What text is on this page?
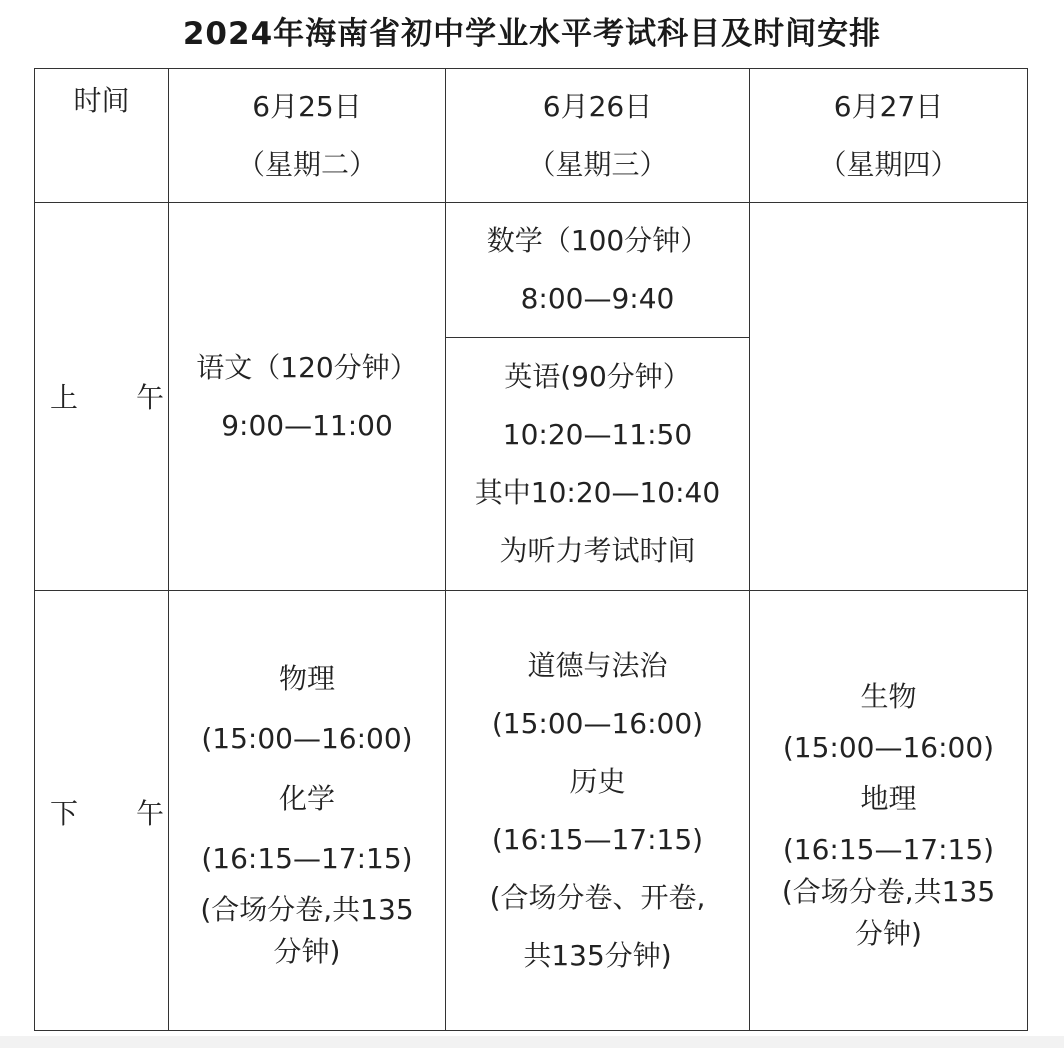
2024年海南省初中学业水平考试科目及时间安排
时间	6月25日
（星期二）
6月26日
（星期三）
6月27日
（星期四）
上 午
语文（120分钟）
9:00—11:00
数学（100分钟）
8:00—9:40
英语(90分钟）
10:20—11:50
其中10:20—10:40
为听力考试时间
下 午
物理
(15:00—16:00)
化学
(16:15—17:15)
(合场分卷,共135
分钟)
道德与法治
(15:00—16:00)
历史
(16:15—17:15)
(合场分卷、开卷,
共135分钟)
生物
(15:00—16:00)
地理
(16:15—17:15)
(合场分卷,共135
分钟)
